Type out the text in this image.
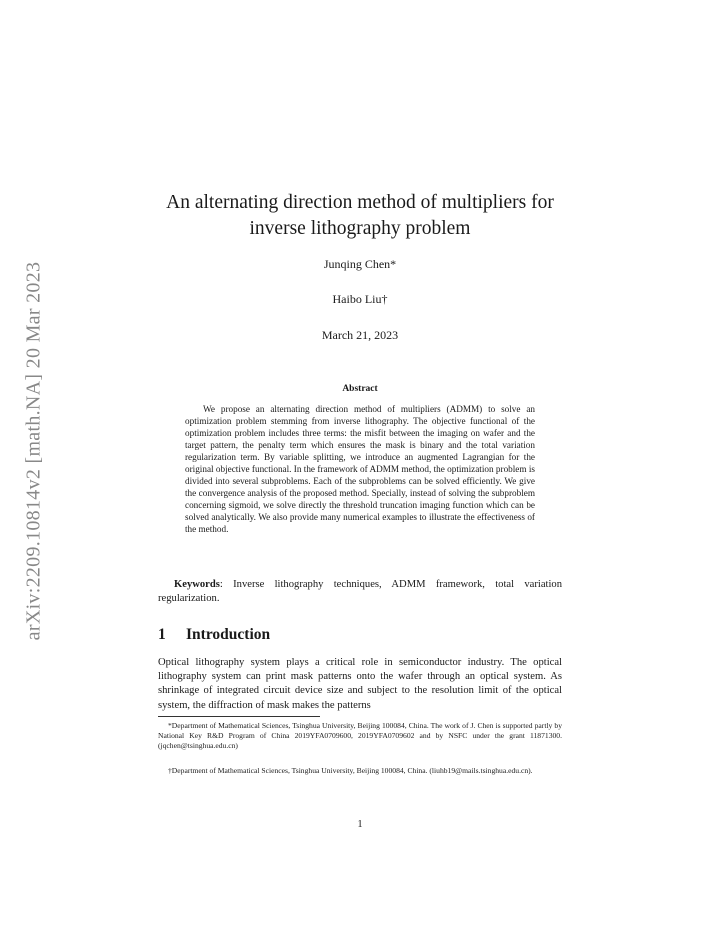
arXiv:2209.10814v2 [math.NA] 20 Mar 2023
An alternating direction method of multipliers for inverse lithography problem
Junqing Chen*
Haibo Liu†
March 21, 2023
Abstract
We propose an alternating direction method of multipliers (ADMM) to solve an optimization problem stemming from inverse lithography. The objective functional of the optimization problem includes three terms: the misfit between the imaging on wafer and the target pattern, the penalty term which ensures the mask is binary and the total variation regularization term. By variable splitting, we introduce an augmented Lagrangian for the original objective functional. In the framework of ADMM method, the optimization problem is divided into several subproblems. Each of the subproblems can be solved efficiently. We give the convergence analysis of the proposed method. Specially, instead of solving the subproblem concerning sigmoid, we solve directly the threshold truncation imaging function which can be solved analytically. We also provide many numerical examples to illustrate the effectiveness of the method.
Keywords: Inverse lithography techniques, ADMM framework, total variation regularization.
1 Introduction
Optical lithography system plays a critical role in semiconductor industry. The optical lithography system can print mask patterns onto the wafer through an optical system. As shrinkage of integrated circuit device size and subject to the resolution limit of the optical system, the diffraction of mask makes the patterns
*Department of Mathematical Sciences, Tsinghua University, Beijing 100084, China. The work of J. Chen is supported partly by National Key R&D Program of China 2019YFA0709600, 2019YFA0709602 and by NSFC under the grant 11871300. (jqchen@tsinghua.edu.cn)
†Department of Mathematical Sciences, Tsinghua University, Beijing 100084, China. (liuhb19@mails.tsinghua.edu.cn).
1
